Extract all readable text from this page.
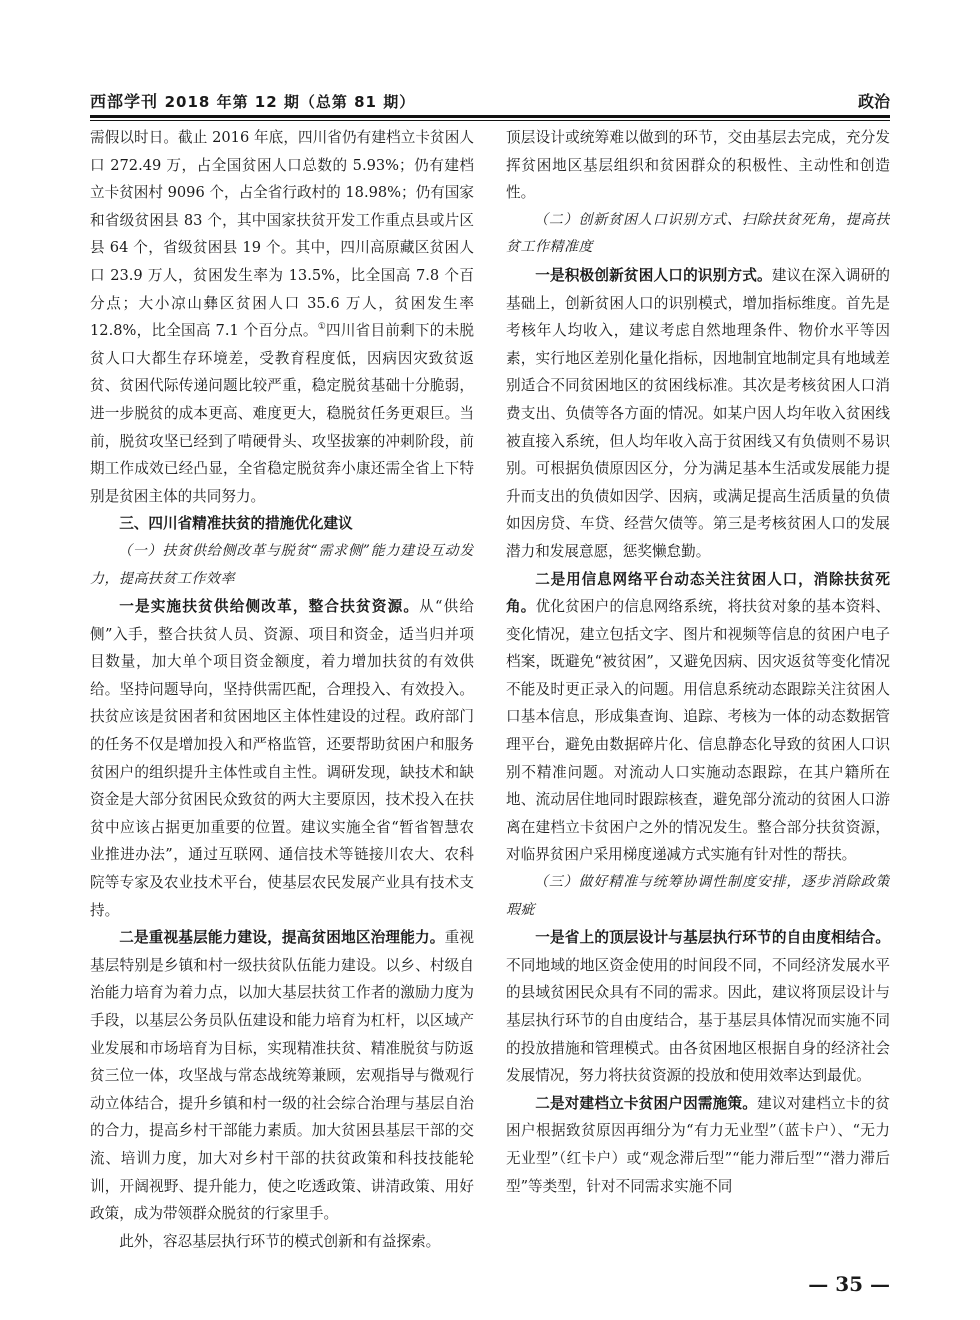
西部学刊 2018 年第 12 期（总第 81 期）	政治

需假以时日。截止 2016 年底，四川省仍有建档立卡贫困人口 272.49 万，占全国贫困人口总数的 5.93%；仍有建档立卡贫困村 9096 个，占全省行政村的 18.98%；仍有国家和省级贫困县 83 个，其中国家扶贫开发工作重点县或片区县 64 个，省级贫困县 19 个。其中，四川高原藏区贫困人口 23.9 万人，贫困发生率为 13.5%，比全国高 7.8 个百分点；大小凉山彝区贫困人口 35.6 万人，贫困发生率 12.8%，比全国高 7.1 个百分点。①四川省目前剩下的未脱贫人口大都生存环境差，受教育程度低，因病因灾致贫返贫、贫困代际传递问题比较严重，稳定脱贫基础十分脆弱，进一步脱贫的成本更高、难度更大，稳脱贫任务更艰巨。当前，脱贫攻坚已经到了啃硬骨头、攻坚拔寨的冲刺阶段，前期工作成效已经凸显，全省稳定脱贫奔小康还需全省上下特别是贫困主体的共同努力。

三、四川省精准扶贫的措施优化建议
（一）扶贫供给侧改革与脱贫“需求侧”能力建设互动发力，提高扶贫工作效率

一是实施扶贫供给侧改革，整合扶贫资源。从“供给侧”入手，整合扶贫人员、资源、项目和资金，适当归并项目数量，加大单个项目资金额度，着力增加扶贫的有效供给。坚持问题导向，坚持供需匹配，合理投入、有效投入。扶贫应该是贫困者和贫困地区主体性建设的过程。政府部门的任务不仅是增加投入和严格监管，还要帮助贫困户和服务贫困户的组织提升主体性或自主性。调研发现，缺技术和缺资金是大部分贫困民众致贫的两大主要原因，技术投入在扶贫中应该占据更加重要的位置。建议实施全省“暂省智慧农业推进办法”，通过互联网、通信技术等链接川农大、农科院等专家及农业技术平台，使基层农民发展产业具有技术支持。

二是重视基层能力建设，提高贫困地区治理能力。重视基层特别是乡镇和村一级扶贫队伍能力建设。以乡、村级自治能力培育为着力点，以加大基层扶贫工作者的激励力度为手段，以基层公务员队伍建设和能力培育为杠杆，以区域产业发展和市场培育为目标，实现精准扶贫、精准脱贫与防返贫三位一体，攻坚战与常态战统筹兼顾，宏观指导与微观行动立体结合，提升乡镇和村一级的社会综合治理与基层自治的合力，提高乡村干部能力素质。加大贫困县基层干部的交流、培训力度，加大对乡村干部的扶贫政策和科技技能轮训，开阔视野、提升能力，使之吃透政策、讲清政策、用好政策，成为带领群众脱贫的行家里手。

此外，容忍基层执行环节的模式创新和有益探索。

顶层设计或统筹难以做到的环节，交由基层去完成，充分发挥贫困地区基层组织和贫困群众的积极性、主动性和创造性。

（二）创新贫困人口识别方式、扫除扶贫死角，提高扶贫工作精准度

一是积极创新贫困人口的识别方式。建议在深入调研的基础上，创新贫困人口的识别模式，增加指标维度。首先是考核年人均收入，建议考虑自然地理条件、物价水平等因素，实行地区差别化量化指标，因地制宜地制定具有地域差别适合不同贫困地区的贫困线标准。其次是考核贫困人口消费支出、负债等各方面的情况。如某户因人均年收入贫困线被直接入系统，但人均年收入高于贫困线又有负债则不易识别。可根据负债原因区分，分为满足基本生活或发展能力提升而支出的负债如因学、因病，或满足提高生活质量的负债如因房贷、车贷、经营欠债等。第三是考核贫困人口的发展潜力和发展意愿，惩奖懒怠勤。

二是用信息网络平台动态关注贫困人口，消除扶贫死角。优化贫困户的信息网络系统，将扶贫对象的基本资料、变化情况，建立包括文字、图片和视频等信息的贫困户电子档案，既避免“被贫困”，又避免因病、因灾返贫等变化情况不能及时更正录入的问题。用信息系统动态跟踪关注贫困人口基本信息，形成集查询、追踪、考核为一体的动态数据管理平台，避免由数据碎片化、信息静态化导致的贫困人口识别不精准问题。对流动人口实施动态跟踪，在其户籍所在地、流动居住地同时跟踪核查，避免部分流动的贫困人口游离在建档立卡贫困户之外的情况发生。整合部分扶贫资源，对临界贫困户采用梯度递减方式实施有针对性的帮扶。

（三）做好精准与统筹协调性制度安排，逐步消除政策瑕疵

一是省上的顶层设计与基层执行环节的自由度相结合。不同地域的地区资金使用的时间段不同，不同经济发展水平的县域贫困民众具有不同的需求。因此，建议将顶层设计与基层执行环节的自由度结合，基于基层具体情况而实施不同的投放措施和管理模式。由各贫困地区根据自身的经济社会发展情况，努力将扶贫资源的投放和使用效率达到最优。

二是对建档立卡贫困户因需施策。建议对建档立卡的贫困户根据致贫原因再细分为“有力无业型”（蓝卡户）、“无力无业型”（红卡户）或“观念滞后型”“能力滞后型”“潜力滞后型”等类型，针对不同需求实施不同

— 35 —
